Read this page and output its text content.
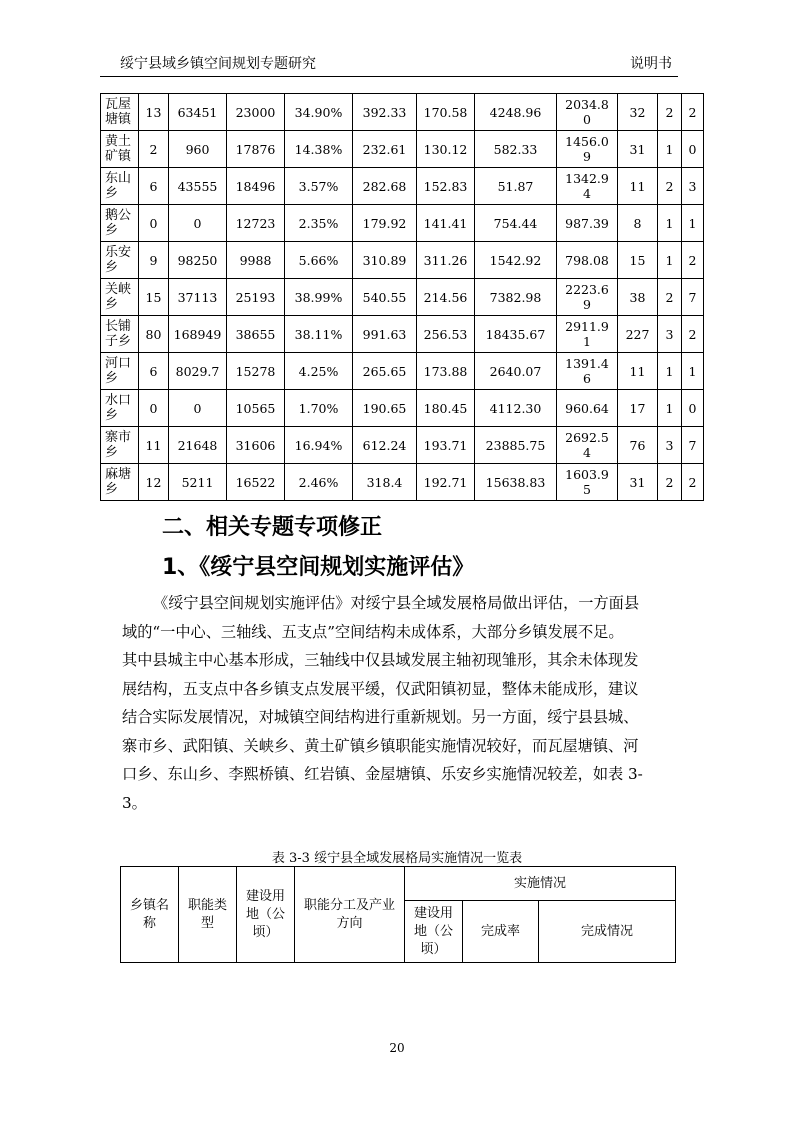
绥宁县域乡镇空间规划专题研究	说明书
瓦屋塘镇	13	63451	23000	34.90%	392.33	170.58	4248.96	2034.80	32	2	2
黄土矿镇	2	960	17876	14.38%	232.61	130.12	582.33	1456.09	31	1	0
东山乡	6	43555	18496	3.57%	282.68	152.83	51.87	1342.94	11	2	3
鹅公乡	0	0	12723	2.35%	179.92	141.41	754.44	987.39	8	1	1
乐安乡	9	98250	9988	5.66%	310.89	311.26	1542.92	798.08	15	1	2
关峡乡	15	37113	25193	38.99%	540.55	214.56	7382.98	2223.69	38	2	7
长铺子乡	80	168949	38655	38.11%	991.63	256.53	18435.67	2911.91	227	3	2
河口乡	6	8029.7	15278	4.25%	265.65	173.88	2640.07	1391.46	11	1	1
水口乡	0	0	10565	1.70%	190.65	180.45	4112.30	960.64	17	1	0
寨市乡	11	21648	31606	16.94%	612.24	193.71	23885.75	2692.54	76	3	7
麻塘乡	12	5211	16522	2.46%	318.4	192.71	15638.83	1603.95	31	2	2
二、相关专题专项修正
1、《绥宁县空间规划实施评估》
《绥宁县空间规划实施评估》对绥宁县全域发展格局做出评估，一方面县
域的“一中心、三轴线、五支点”空间结构未成体系，大部分乡镇发展不足。
其中县城主中心基本形成，三轴线中仅县域发展主轴初现雏形，其余未体现发
展结构，五支点中各乡镇支点发展平缓，仅武阳镇初显，整体未能成形，建议
结合实际发展情况，对城镇空间结构进行重新规划。另一方面，绥宁县县城、
寨市乡、武阳镇、关峡乡、黄土矿镇乡镇职能实施情况较好，而瓦屋塘镇、河
口乡、东山乡、李熙桥镇、红岩镇、金屋塘镇、乐安乡实施情况较差，如表 3-
3。
表 3-3 绥宁县全域发展格局实施情况一览表
乡镇名称	职能类型	建设用地（公顷）	职能分工及产业方向	实施情况		
				建设用地（公顷）	完成率	完成情况
20
